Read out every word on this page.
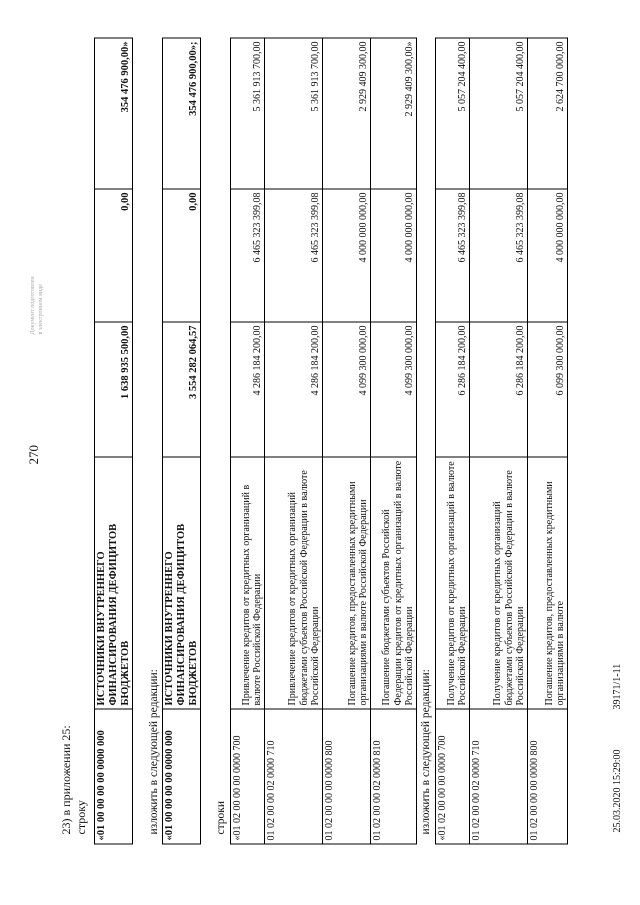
270
Документ подготовлен в электронном виде
23) в приложении 25: строку «01 00 00 00 00 0000 000	ИСТОЧНИКИ ВНУТРЕННЕГО ФИНАНСИРОВАНИЯ ДЕФИЦИТОВ БЮДЖЕТОВ	1 638 935 500,00	0,00	354 476 900,00»
изложить в следующей редакции: «01 00 00 00 00 0000 000	ИСТОЧНИКИ ВНУТРЕННЕГО ФИНАНСИРОВАНИЯ ДЕФИЦИТОВ БЮДЖЕТОВ	3 554 282 064,57	0,00	354 476 900,00»;
строки «01 02 00 00 00 0000 700	Привлечение кредитов от кредитных организаций в валюте Российской Федерации	4 286 184 200,00	6 465 323 399,08	5 361 913 700,00
01 02 00 00 02 0000 710	Привлечение кредитов от кредитных организаций бюджетами субъектов Российской Федерации в валюте Российской Федерации	4 286 184 200,00	6 465 323 399,08	5 361 913 700,00
01 02 00 00 00 0000 800	Погашение кредитов, предоставленных кредитными организациями в валюте Российской Федерации	4 099 300 000,00	4 000 000 000,00	2 929 409 300,00
01 02 00 00 02 0000 810	Погашение бюджетами субъектов Российской Федерации кредитов от кредитных организаций в валюте Российской Федерации	4 099 300 000,00	4 000 000 000,00	2 929 409 300,00»
изложить в следующей редакции: «01 02 00 00 00 0000 700	Получение кредитов от кредитных организаций в валюте Российской Федерации	6 286 184 200,00	6 465 323 399,08	5 057 204 400,00
01 02 00 00 02 0000 710	Получение кредитов от кредитных организаций бюджетами субъектов Российской Федерации в валюте Российской Федерации	6 286 184 200,00	6 465 323 399,08	5 057 204 400,00
01 02 00 00 00 0000 800	Погашение кредитов, предоставленных кредитными организациями в валюте	6 099 300 000,00	4 000 000 000,00	2 624 700 000,00
25.03.2020 15:29:00
39171/1-11
